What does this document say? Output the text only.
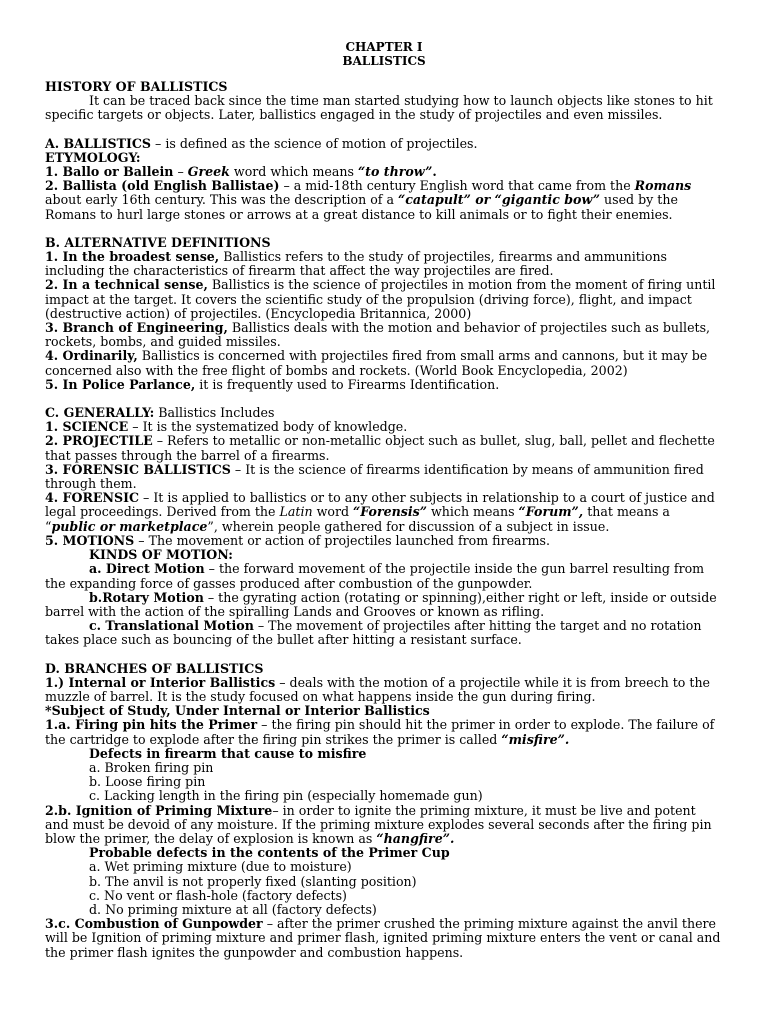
CHAPTER I
BALLISTICS

HISTORY OF BALLISTICS

It can be traced back since the time man started studying how to launch objects like stones to hit specific targets or objects. Later, ballistics engaged in the study of projectiles and even missiles.

A. BALLISTICS – is defined as the science of motion of projectiles.

ETYMOLOGY:

1. Ballo or Ballein – Greek word which means “to throw”.

2. Ballista (old English Ballistae) – a mid-18th century English word that came from the Romans about early 16th century. This was the description of a “catapult” or “gigantic bow” used by the Romans to hurl large stones or arrows at a great distance to kill animals or to fight their enemies.

B. ALTERNATIVE DEFINITIONS

1. In the broadest sense, Ballistics refers to the study of projectiles, firearms and ammunitions including the characteristics of firearm that affect the way projectiles are fired.

2. In a technical sense, Ballistics is the science of projectiles in motion from the moment of firing until impact at the target. It covers the scientific study of the propulsion (driving force), flight, and impact (destructive action) of projectiles. (Encyclopedia Britannica, 2000)

3. Branch of Engineering, Ballistics deals with the motion and behavior of projectiles such as bullets, rockets, bombs, and guided missiles.

4. Ordinarily, Ballistics is concerned with projectiles fired from small arms and cannons, but it may be concerned also with the free flight of bombs and rockets. (World Book Encyclopedia, 2002)

5. In Police Parlance, it is frequently used to Firearms Identification.

C. GENERALLY: Ballistics Includes

1. SCIENCE – It is the systematized body of knowledge.

2. PROJECTILE – Refers to metallic or non-metallic object such as bullet, slug, ball, pellet and flechette that passes through the barrel of a firearms.

3. FORENSIC BALLISTICS – It is the science of firearms identification by means of ammunition fired through them.

4. FORENSIC – It is applied to ballistics or to any other subjects in relationship to a court of justice and legal proceedings. Derived from the Latin word “Forensis” which means “Forum”, that means a “public or marketplace”, wherein people gathered for discussion of a subject in issue.

5. MOTIONS – The movement or action of projectiles launched from firearms.

KINDS OF MOTION:

a. Direct Motion – the forward movement of the projectile inside the gun barrel resulting from the expanding force of gasses produced after combustion of the gunpowder.

b.Rotary Motion – the gyrating action (rotating or spinning),either right or left, inside or outside barrel with the action of the spiralling Lands and Grooves or known as rifling.

c. Translational Motion – The movement of projectiles after hitting the target and no rotation takes place such as bouncing of the bullet after hitting a resistant surface.

D. BRANCHES OF BALLISTICS

1.) Internal or Interior Ballistics – deals with the motion of a projectile while it is from breech to the muzzle of barrel. It is the study focused on what happens inside the gun during firing.

*Subject of Study, Under Internal or Interior Ballistics

1.a. Firing pin hits the Primer – the firing pin should hit the primer in order to explode. The failure of the cartridge to explode after the firing pin strikes the primer is called “misfire”.

Defects in firearm that cause to misfire

a. Broken firing pin

b. Loose firing pin

c. Lacking length in the firing pin (especially homemade gun)

2.b. Ignition of Priming Mixture– in order to ignite the priming mixture, it must be live and potent and must be devoid of any moisture. If the priming mixture explodes several seconds after the firing pin blow the primer, the delay of explosion is known as “hangfire”.

Probable defects in the contents of the Primer Cup

a. Wet priming mixture (due to moisture)

b. The anvil is not properly fixed (slanting position)

c. No vent or flash-hole (factory defects)

d. No priming mixture at all (factory defects)

3.c. Combustion of Gunpowder – after the primer crushed the priming mixture against the anvil there will be Ignition of priming mixture and primer flash, ignited priming mixture enters the vent or canal and the primer flash ignites the gunpowder and combustion happens.
